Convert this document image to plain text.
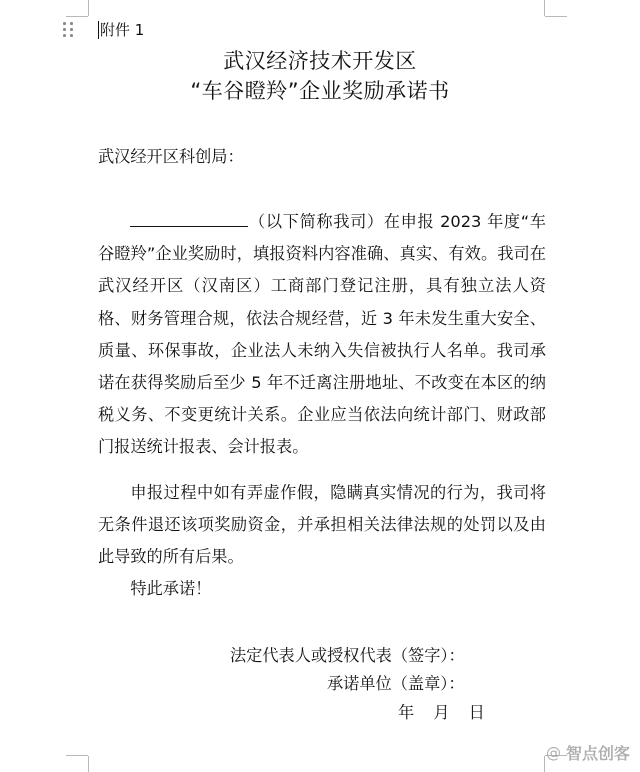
附件 1
武汉经济技术开发区
“车谷瞪羚”企业奖励承诺书
武汉经开区科创局：

（以下简称我司）在申报 2023 年度“车谷瞪羚”企业奖励时，填报资料内容准确、真实、有效。我司在武汉经开区（汉南区）工商部门登记注册，具有独立法人资格、财务管理合规，依法合规经营，近 3 年未发生重大安全、质量、环保事故，企业法人未纳入失信被执行人名单。我司承诺在获得奖励后至少 5 年不迁离注册地址、不改变在本区的纳税义务、不变更统计关系。企业应当依法向统计部门、财政部门报送统计报表、会计报表。

申报过程中如有弄虚作假，隐瞒真实情况的行为，我司将无条件退还该项奖励资金，并承担相关法律法规的处罚以及由此导致的所有后果。

特此承诺！

法定代表人或授权代表（签字）：
承诺单位（盖章）：
年 月 日
@ 智点创客
